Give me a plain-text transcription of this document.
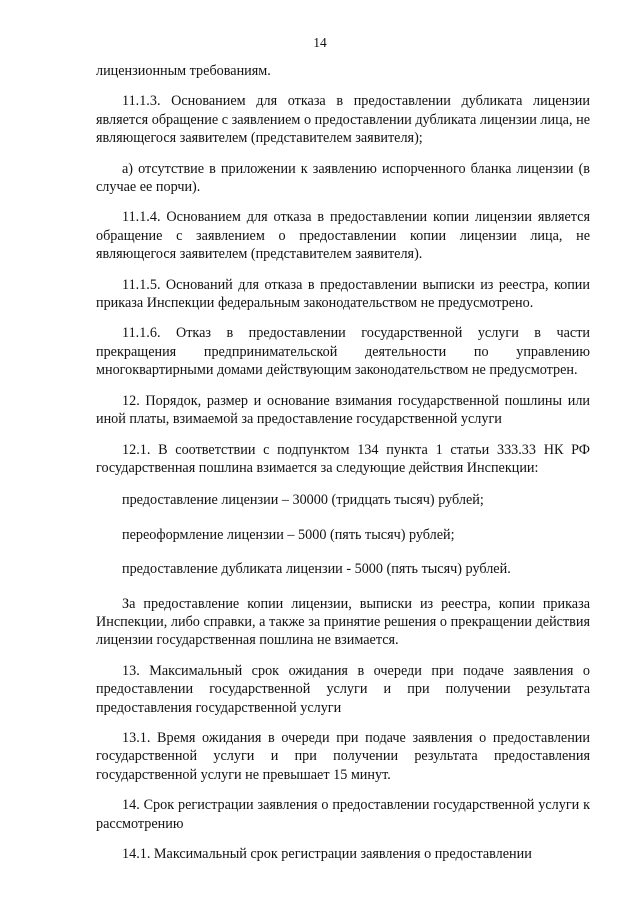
14

лицензионным требованиям.

11.1.3. Основанием для отказа в предоставлении дубликата лицензии является обращение с заявлением о предоставлении дубликата лицензии лица, не являющегося заявителем (представителем заявителя);

а) отсутствие в приложении к заявлению испорченного бланка лицензии (в случае ее порчи).

11.1.4. Основанием для отказа в предоставлении копии лицензии является обращение с заявлением о предоставлении копии лицензии лица, не являющегося заявителем (представителем заявителя).

11.1.5. Оснований для отказа в предоставлении выписки из реестра, копии приказа Инспекции федеральным законодательством не предусмотрено.

11.1.6. Отказ в предоставлении государственной услуги в части прекращения предпринимательской деятельности по управлению многоквартирными домами действующим законодательством не предусмотрен.

12. Порядок, размер и основание взимания государственной пошлины или иной платы, взимаемой за предоставление государственной услуги

12.1. В соответствии с подпунктом 134 пункта 1 статьи 333.33 НК РФ государственная пошлина взимается за следующие действия Инспекции:

предоставление лицензии – 30000 (тридцать тысяч) рублей;

переоформление лицензии – 5000 (пять тысяч) рублей;

предоставление дубликата лицензии - 5000 (пять тысяч) рублей.

За предоставление копии лицензии, выписки из реестра, копии приказа Инспекции, либо справки, а также за принятие решения о прекращении действия лицензии государственная пошлина не взимается.

13. Максимальный срок ожидания в очереди при подаче заявления о предоставлении государственной услуги и при получении результата предоставления государственной услуги

13.1. Время ожидания в очереди при подаче заявления о предоставлении государственной услуги и при получении результата предоставления государственной услуги не превышает 15 минут.

14. Срок регистрации заявления о предоставлении государственной услуги к рассмотрению

14.1. Максимальный срок регистрации заявления о предоставлении
